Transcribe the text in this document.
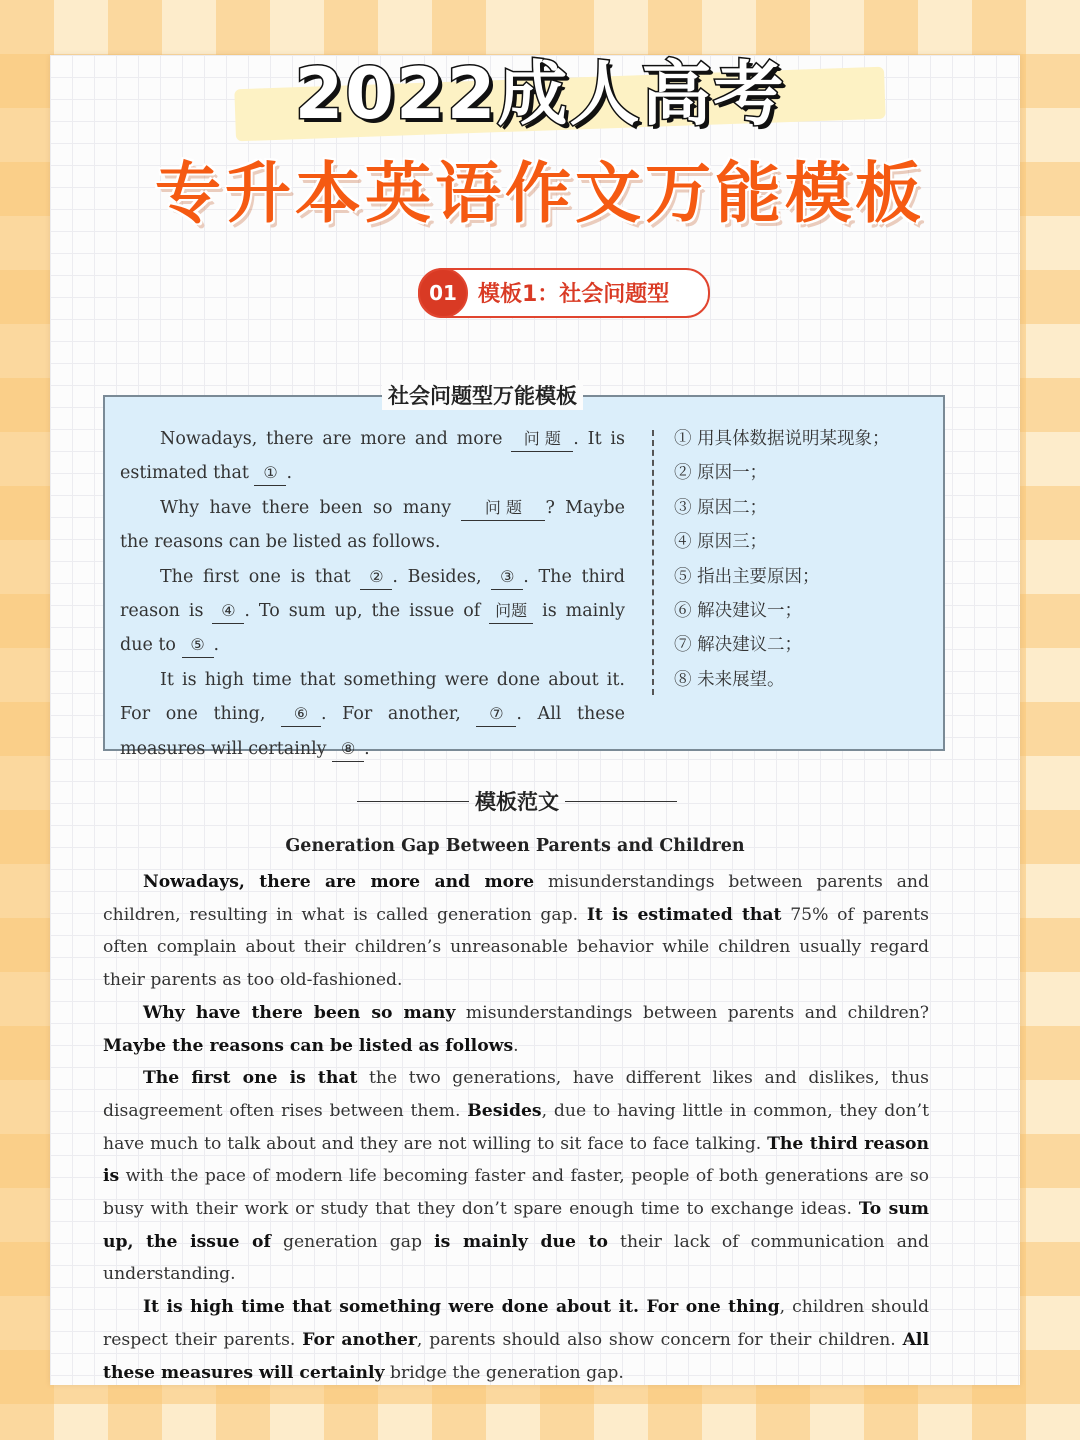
2022成人高考
专升本英语作文万能模板
01 模板1：社会问题型
社会问题型万能模板

Nowadays, there are more and more 问 题 . It is estimated that ① .

Why have there been so many 问 题 ? Maybe the reasons can be listed as follows.

The first one is that ② . Besides, ③ . The third reason is ④ . To sum up, the issue of 问题 is mainly due to ⑤ .

It is high time that something were done about it. For one thing, ⑥ . For another, ⑦ . All these measures will certainly ⑧ .

① 用具体数据说明某现象；
② 原因一；
③ 原因二；
④ 原因三；
⑤ 指出主要原因；
⑥ 解决建议一；
⑦ 解决建议二；
⑧ 未来展望。
模板范文
Generation Gap Between Parents and Children

Nowadays, there are more and more misunderstandings between parents and children, resulting in what is called generation gap. It is estimated that 75% of parents often complain about their children’s unreasonable behavior while children usually regard their parents as too old-fashioned.

Why have there been so many misunderstandings between parents and children? Maybe the reasons can be listed as follows.

The first one is that the two generations, have different likes and dislikes, thus disagreement often rises between them. Besides, due to having little in common, they don’t have much to talk about and they are not willing to sit face to face talking. The third reason is with the pace of modern life becoming faster and faster, people of both generations are so busy with their work or study that they don’t spare enough time to exchange ideas. To sum up, the issue of generation gap is mainly due to their lack of communication and understanding.

It is high time that something were done about it. For one thing, children should respect their parents. For another, parents should also show concern for their children. All these measures will certainly bridge the generation gap.
